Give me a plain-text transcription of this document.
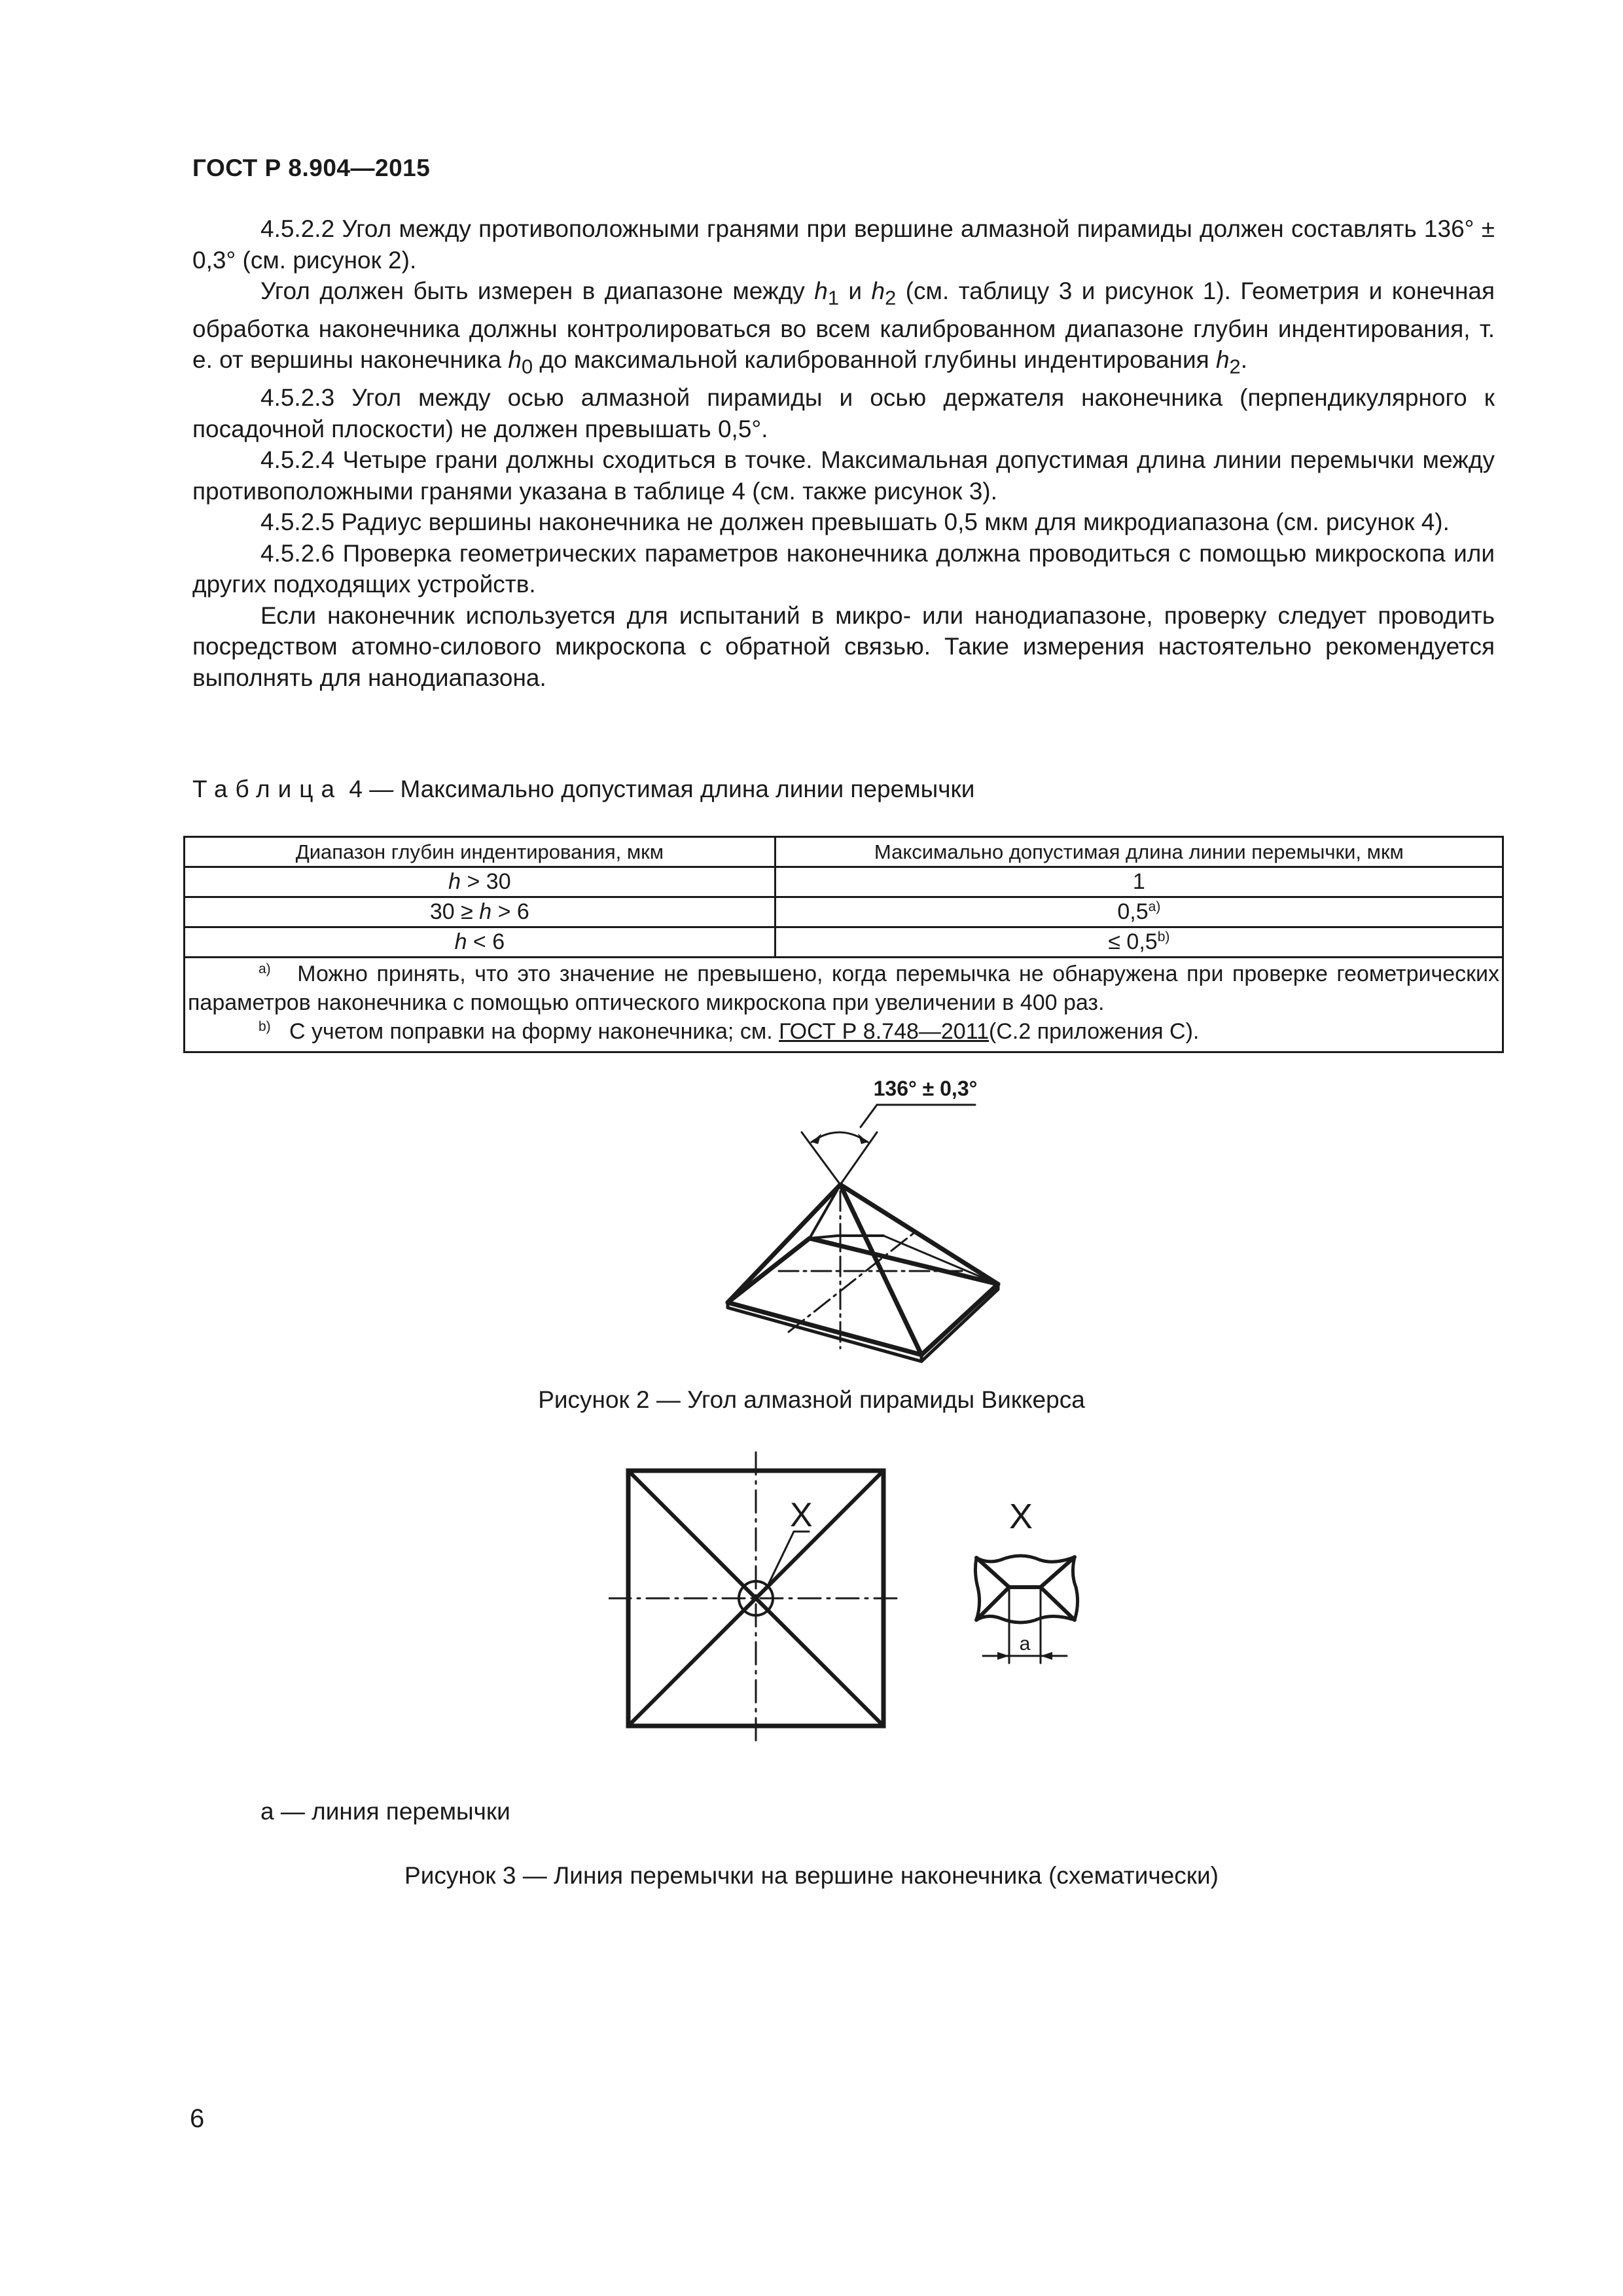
ГОСТ Р 8.904—2015

4.5.2.2 Угол между противоположными гранями при вершине алмазной пирамиды должен составлять 136° ± 0,3° (см. рисунок 2).

Угол должен быть измерен в диапазоне между $h_1$ и $h_2$ (см. таблицу 3 и рисунок 1). Геометрия и конечная обработка наконечника должны контролироваться во всем калиброванном диапазоне глубин индентирования, т. е. от вершины наконечника $h_0$ до максимальной калиброванной глубины индентирования $h_2$.

4.5.2.3 Угол между осью алмазной пирамиды и осью держателя наконечника (перпендикулярного к посадочной плоскости) не должен превышать 0,5°.

4.5.2.4 Четыре грани должны сходиться в точке. Максимальная допустимая длина линии перемычки между противоположными гранями указана в таблице 4 (см. также рисунок 3).

4.5.2.5 Радиус вершины наконечника не должен превышать 0,5 мкм для микродиапазона (см. рисунок 4).

4.5.2.6 Проверка геометрических параметров наконечника должна проводиться с помощью микроскопа или других подходящих устройств.

Если наконечник используется для испытаний в микро- или нанодиапазоне, проверку следует проводить посредством атомно-силового микроскопа с обратной связью. Такие измерения настоятельно рекомендуется выполнять для нанодиапазона.

Таблица 4 — Максимально допустимая длина линии перемычки
Диапазон глубин индентирования, мкм	Максимально допустимая длина линии перемычки, мкм
h > 30	1
30 ≥ h > 6	0,5$^{a)}$
h < 6	≤ $0,5^{b)}$

$^{a)}$ Можно принять, что это значение не превышено, когда перемычка не обнаружена при проверке геометрических параметров наконечника с помощью оптического микроскопа при увеличении в 400 раз.
$^{b)}$ С учетом поправки на форму наконечника; см. ГОСТ Р 8.748—2011(С.2 приложения С).	
136° ± 0,3°
Рисунок 2 — Угол алмазной пирамиды Виккерса
X	X
a
a — линия перемычки
Рисунок 3 — Линия перемычки на вершине наконечника (схематически)
6
